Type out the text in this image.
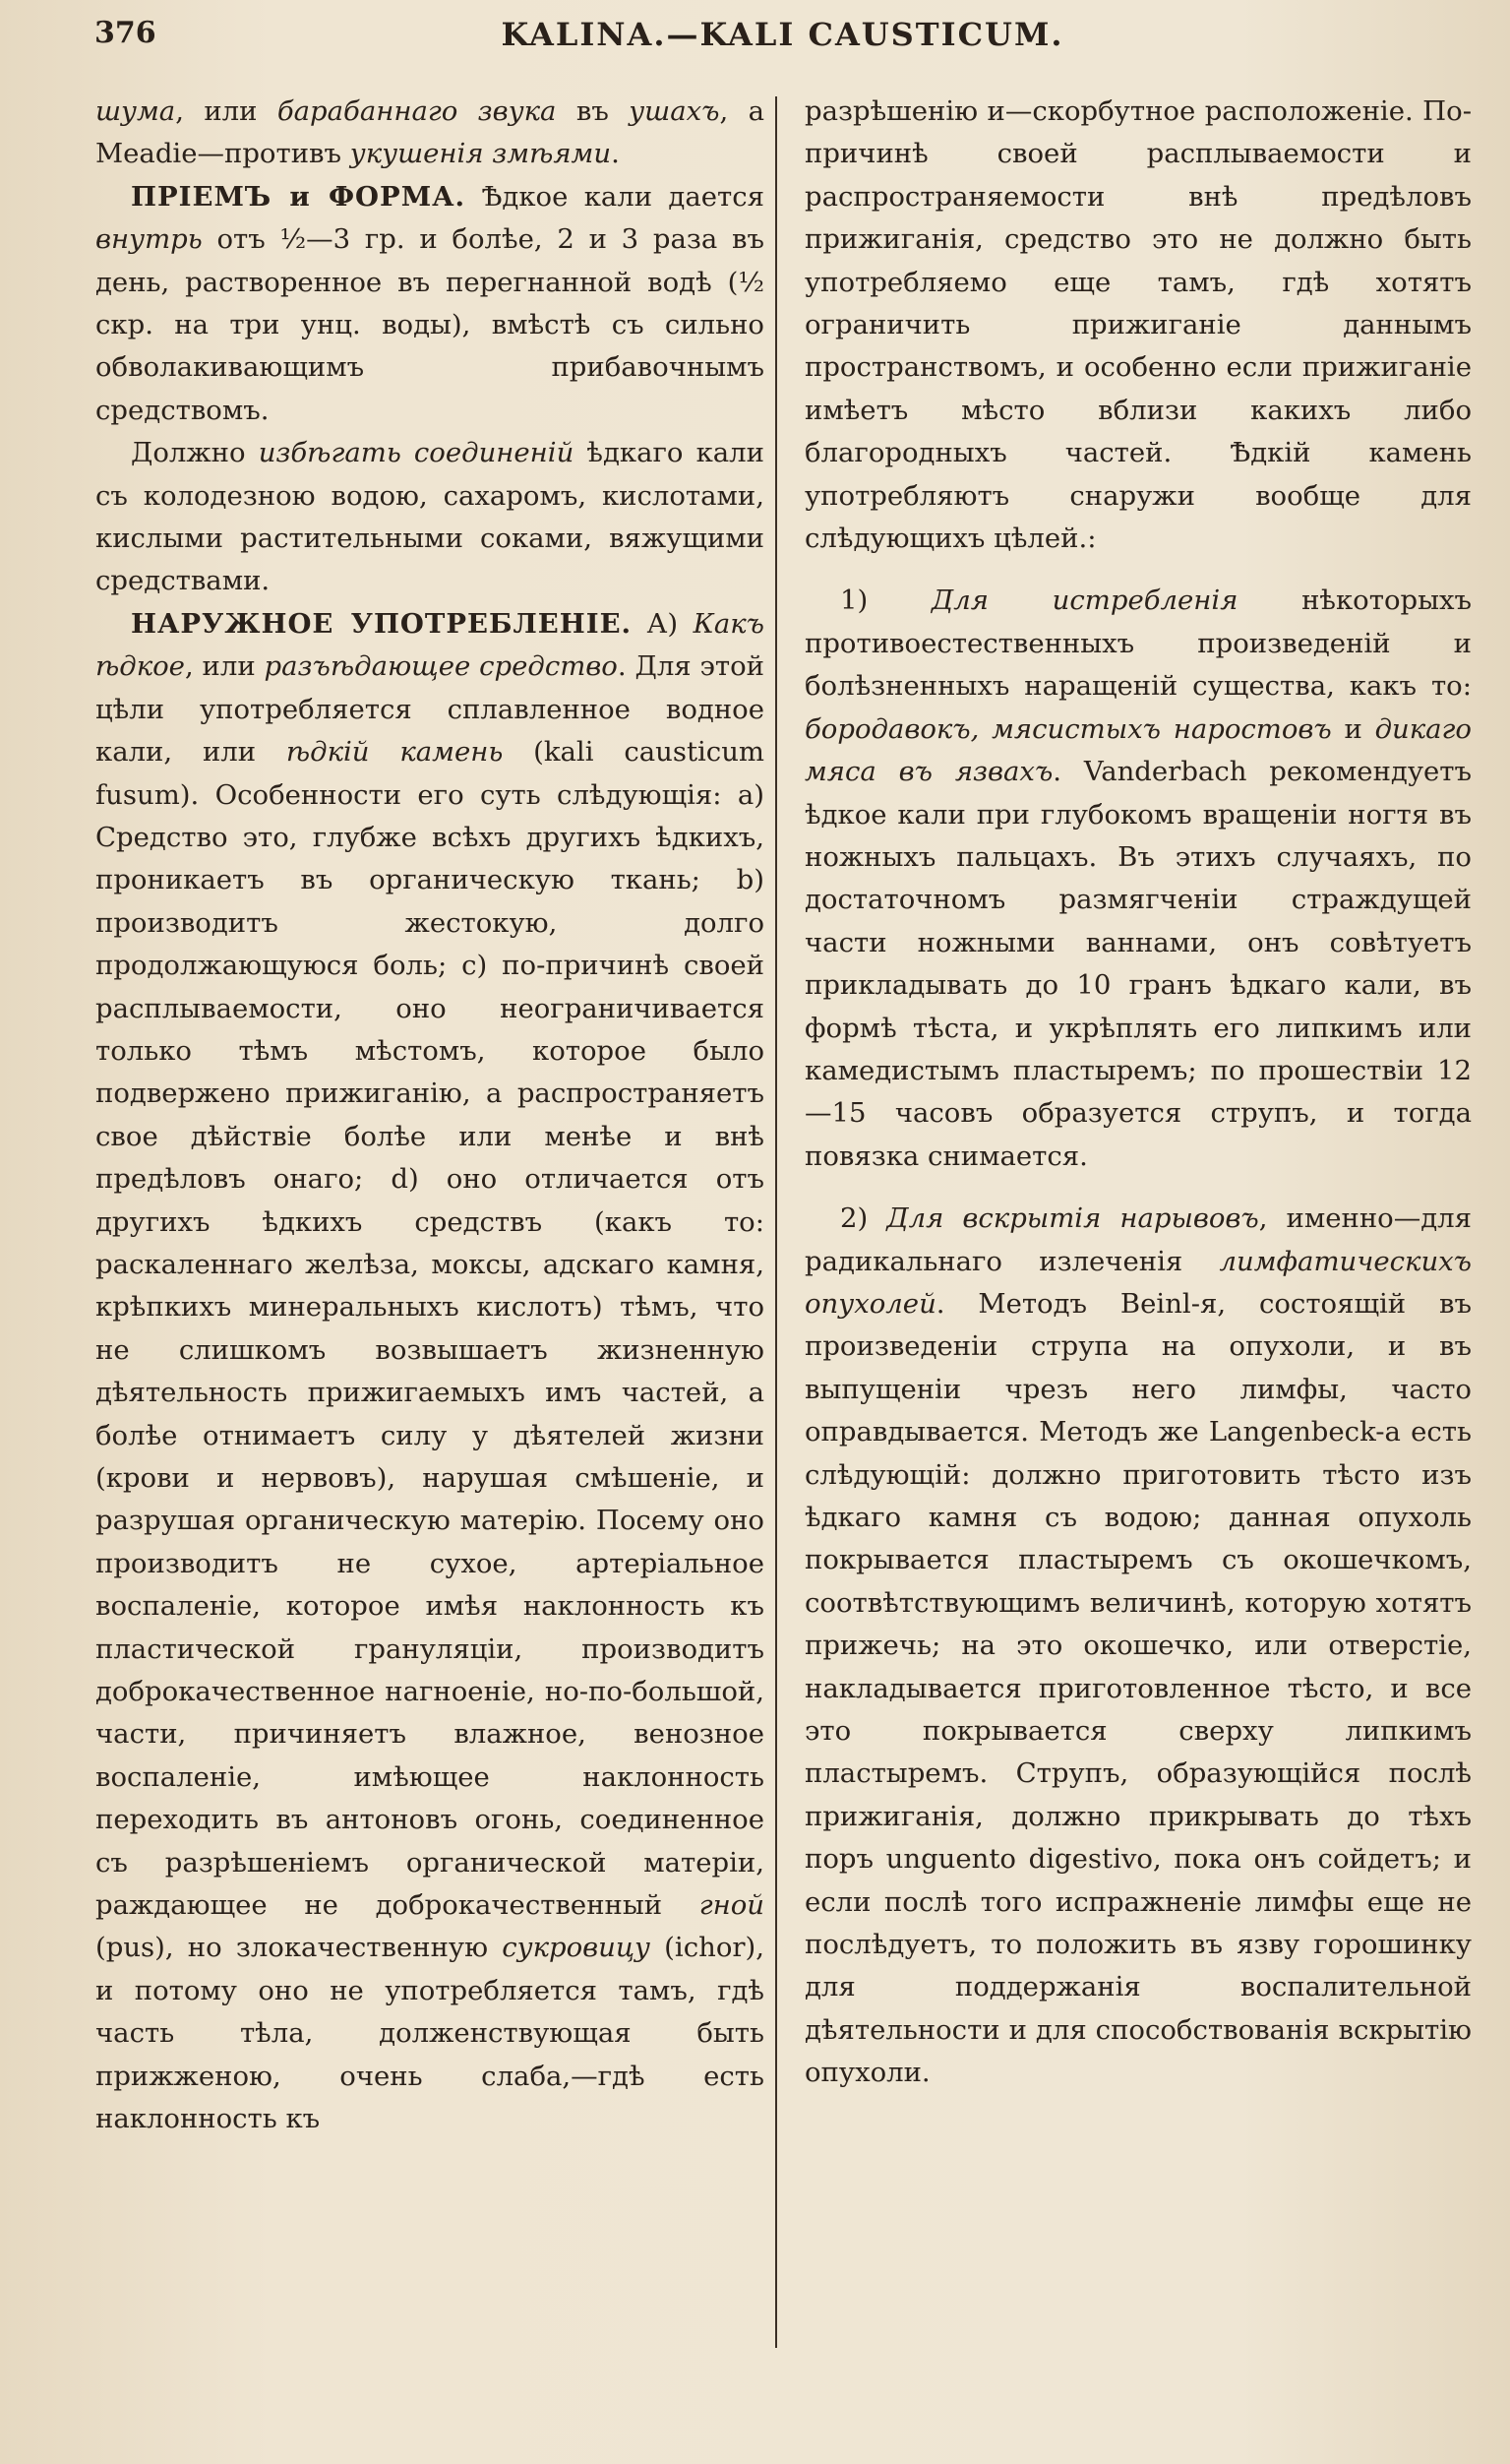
376	KALINA.—KALI CAUSTICUM.

шума, или барабаннаго звука въ ушахъ, а Meadie—противъ укушенія змѣями.

ПРІЕМЪ и ФОРМА. Ѣдкое кали дается внутрь отъ ½—3 гр. и болѣе, 2 и 3 раза въ день, растворенное въ перегнанной водѣ (½ скр. на три унц. воды), вмѣстѣ съ сильно обволакивающимъ прибавочнымъ средствомъ.

Должно избѣгать соединеній ѣдкаго кали съ колодезною водою, сахаромъ, кислотами, кислыми растительными соками, вяжущими средствами.

НАРУЖНОЕ УПОТРЕБЛЕНІЕ. А) Какъ ѣдкое, или разъѣдающее средство. Для этой цѣли употребляется сплавленное водное кали, или ѣдкій камень (kali causticum fusum). Особенности его суть слѣдующія: а) Средство это, глубже всѣхъ другихъ ѣдкихъ, проникаетъ въ органическую ткань; b) производитъ жестокую, долго продолжающуюся боль; с) по-причинѣ своей расплываемости, оно неограничивается только тѣмъ мѣстомъ, которое было подвержено прижиганію, а распространяетъ свое дѣйствіе болѣе или менѣе и внѣ предѣловъ онаго; d) оно отличается отъ другихъ ѣдкихъ средствъ (какъ то: раскаленнаго желѣза, моксы, адскаго камня, крѣпкихъ минеральныхъ кислотъ) тѣмъ, что не слишкомъ возвышаетъ жизненную дѣятельность прижигаемыхъ имъ частей, а болѣе отнимаетъ силу у дѣятелей жизни (крови и нервовъ), нарушая смѣшеніе, и разрушая органическую матерію. Посему оно производитъ не сухое, артеріальное воспаленіе, которое имѣя наклонность къ пластической грануляціи, производитъ доброкачественное нагноеніе, но-по-большой, части, причиняетъ влажное, венозное воспаленіе, имѣющее наклонность переходить въ антоновъ огонь, соединенное съ разрѣшеніемъ органической матеріи, раждающее не доброкачественный гной (pus), но злокачественную сукровицу (ichor), и потому оно не употребляется тамъ, гдѣ часть тѣла, долженствующая быть прижженою, очень слаба,—гдѣ есть наклонность къ

разрѣшенію и—скорбутное расположеніе. По-причинѣ своей расплываемости и распространяемости внѣ предѣловъ прижиганія, средство это не должно быть употребляемо еще тамъ, гдѣ хотятъ ограничить прижиганіе даннымъ пространствомъ, и особенно если прижиганіе имѣетъ мѣсто вблизи какихъ либо благородныхъ частей. Ѣдкій камень употребляютъ снаружи вообще для слѣдующихъ цѣлей.:

1) Для истребленія нѣкоторыхъ противоестественныхъ произведеній и болѣзненныхъ наращеній существа, какъ то: бородавокъ, мясистыхъ наростовъ и дикаго мяса въ язвахъ. Vanderbach рекомендуетъ ѣдкое кали при глубокомъ вращеніи ногтя въ ножныхъ пальцахъ. Въ этихъ случаяхъ, по достаточномъ размягченіи страждущей части ножными ваннами, онъ совѣтуетъ прикладывать до 10 гранъ ѣдкаго кали, въ формѣ тѣста, и укрѣплять его липкимъ или камедистымъ пластыремъ; по прошествіи 12—15 часовъ образуется струпъ, и тогда повязка снимается.

2) Для вскрытія нарывовъ, именно—для радикальнаго излеченія лимфатическихъ опухолей. Методъ Beinl-я, состоящій въ произведеніи струпа на опухоли, и въ выпущеніи чрезъ него лимфы, часто оправдывается. Методъ же Langenbeck-а есть слѣдующій: должно приготовить тѣсто изъ ѣдкаго камня съ водою; данная опухоль покрывается пластыремъ съ окошечкомъ, соотвѣтствующимъ величинѣ, которую хотятъ прижечь; на это окошечко, или отверстіе, накладывается приготовленное тѣсто, и все это покрывается сверху липкимъ пластыремъ. Струпъ, образующійся послѣ прижиганія, должно прикрывать до тѣхъ поръ unguento digestivo, пока онъ сойдетъ; и если послѣ того испражненіе лимфы еще не послѣдуетъ, то положить въ язву горошинку для поддержанія воспалительной дѣятельности и для способствованія вскрытію опухоли.
